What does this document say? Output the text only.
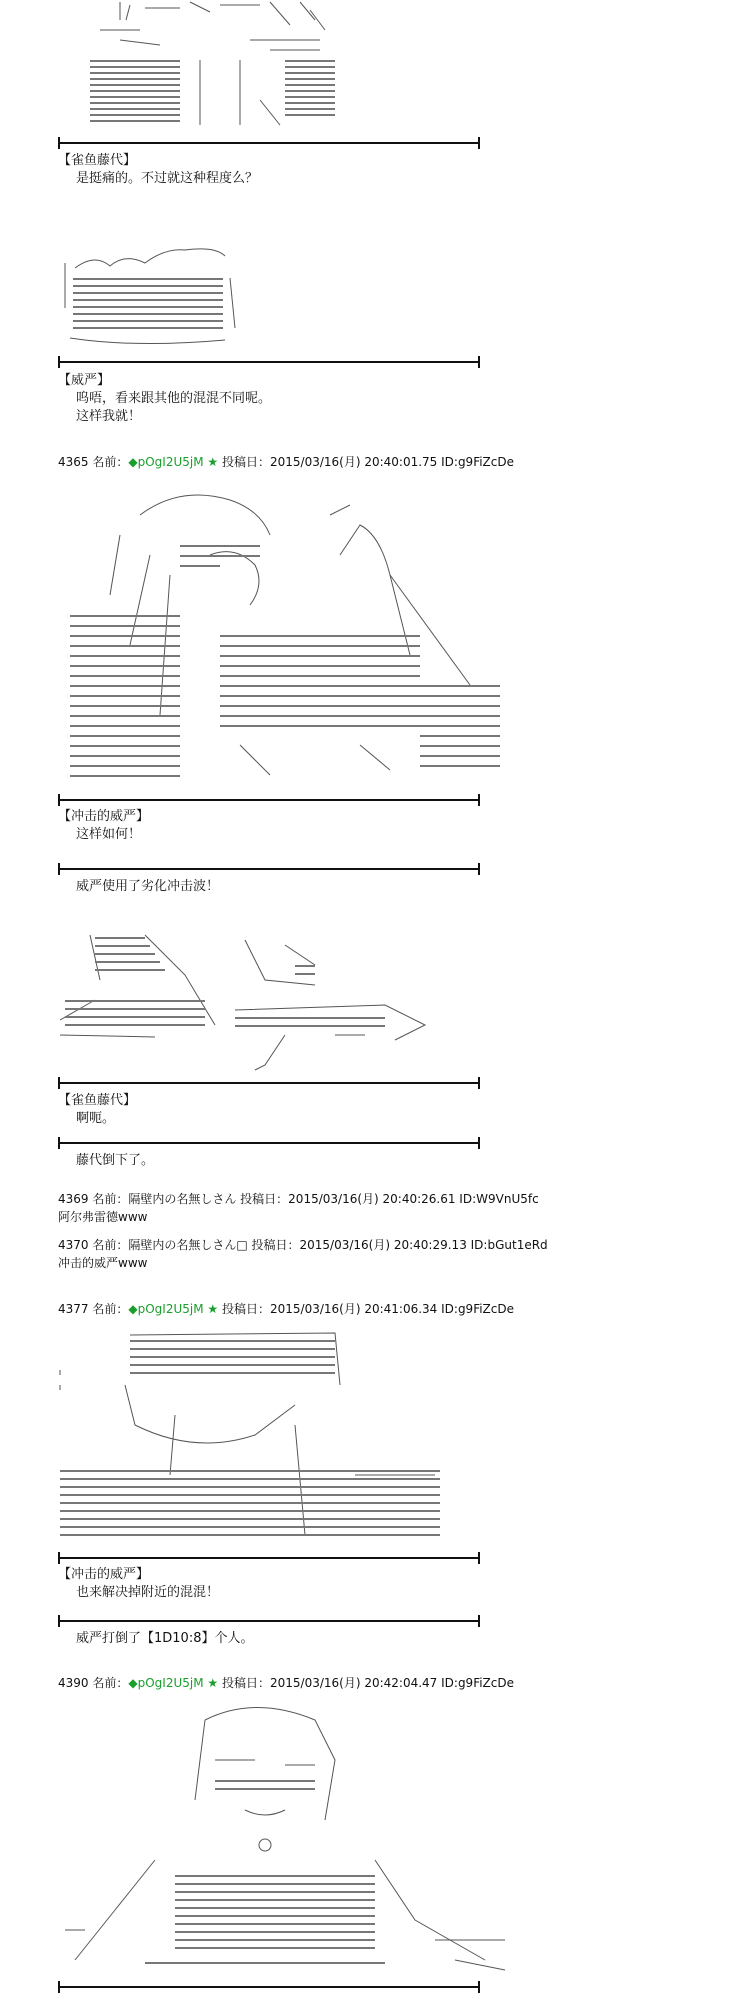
【雀鱼藤代】
是挺痛的。不过就这种程度么？
【威严】
呜唔，看来跟其他的混混不同呢。
这样我就！
4365 名前：◆pOgI2U5jM ★ 投稿日：2015/03/16(月) 20:40:01.75 ID:g9FiZcDe
【冲击的威严】
这样如何！
威严使用了劣化冲击波！
【雀鱼藤代】
啊呃。
藤代倒下了。
4369 名前：隔壁内の名無しさん 投稿日：2015/03/16(月) 20:40:26.61 ID:W9VnU5fc
阿尔弗雷德www
4370 名前：隔壁内の名無しさん□ 投稿日：2015/03/16(月) 20:40:29.13 ID:bGut1eRd
冲击的威严www
4377 名前：◆pOgI2U5jM ★ 投稿日：2015/03/16(月) 20:41:06.34 ID:g9FiZcDe
【冲击的威严】
也来解决掉附近的混混！
威严打倒了【1D10:8】个人。
4390 名前：◆pOgI2U5jM ★ 投稿日：2015/03/16(月) 20:42:04.47 ID:g9FiZcDe
